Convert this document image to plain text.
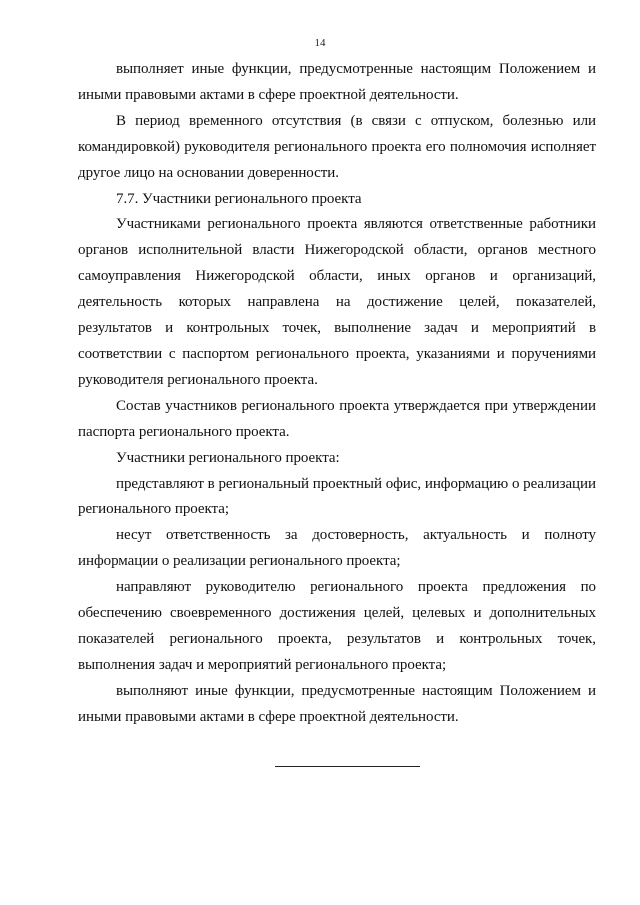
14

выполняет иные функции, предусмотренные настоящим Положением и иными правовыми актами в сфере проектной деятельности.

В период временного отсутствия (в связи с отпуском, болезнью или командировкой) руководителя регионального проекта его полномочия исполняет другое лицо на основании доверенности.

7.7. Участники регионального проекта

Участниками регионального проекта являются ответственные работники органов исполнительной власти Нижегородской области, органов местного самоуправления Нижегородской области, иных органов и организаций, деятельность которых направлена на достижение целей, показателей, результатов и контрольных точек, выполнение задач и мероприятий в соответствии с паспортом регионального проекта, указаниями и поручениями руководителя регионального проекта.

Состав участников регионального проекта утверждается при утверждении паспорта регионального проекта.

Участники регионального проекта:

представляют в региональный проектный офис, информацию о реализации регионального проекта;

несут ответственность за достоверность, актуальность и полноту информации о реализации регионального проекта;

направляют руководителю регионального проекта предложения по обеспечению своевременного достижения целей, целевых и дополнительных показателей регионального проекта, результатов и контрольных точек, выполнения задач и мероприятий регионального проекта;

выполняют иные функции, предусмотренные настоящим Положением и иными правовыми актами в сфере проектной деятельности.
